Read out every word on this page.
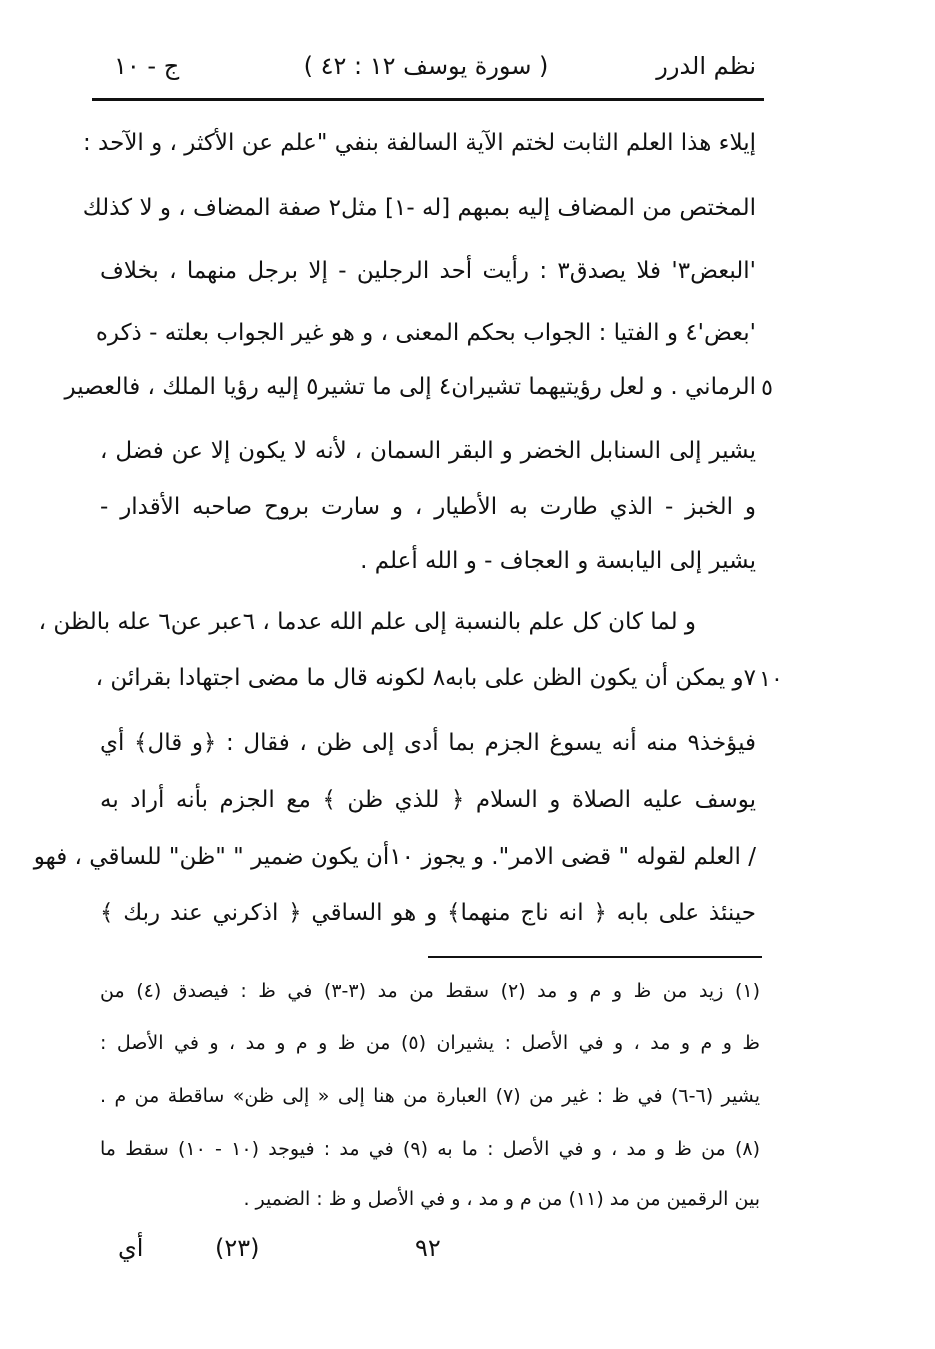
نظم الدرر
( سورة يوسف ١٢ : ٤٢ )
ج - ١٠
إيلاء هذا العلم الثابت لختم الآية السالفة بنفي "علم عن الأكثر ، و الآحد :
المختص من المضاف إليه بمبهم [له -١] مثل٢ صفة المضاف ، و لا كذلك
'البعض٣' فلا يصدق٣ : رأيت أحد الرجلين - إلا برجل منهما ، بخلاف
'بعض'٤ و الفتيا : الجواب بحكم المعنى ، و هو غير الجواب بعلته - ذكره
الرماني . و لعل رؤيتيهما تشيران٤ إلى ما تشير٥ إليه رؤيا الملك ، فالعصير
يشير إلى السنابل الخضر و البقر السمان ، لأنه لا يكون إلا عن فضل ،
و الخبز - الذي طارت به الأطيار ، و سارت بروح صاحبه الأقدار -
يشير إلى اليابسة و العجاف - و الله أعلم .
و لما كان كل علم بالنسبة إلى علم الله عدما ، ٦عبر عن٦ عله بالظن ،
٧و يمكن أن يكون الظن على بابه٨ لكونه قال ما مضى اجتهادا بقرائن ،
فيؤخذ٩ منه أنه يسوغ الجزم بما أدى إلى ظن ، فقال : ﴿و قال﴾ أي
يوسف عليه الصلاة و السلام ﴿ للذي ظن ﴾ مع الجزم بأنه أراد به
/ العلم لقوله " قضى الامر". و يجوز ١٠أن يكون ضمير " "ظن" للساقي ، فهو
حينئذ على بابه ﴿ انه ناج منهما﴾ و هو الساقي ﴿ اذكرني عند ربك ﴾
٥
١٠
(١) زيد من ظ و م و مد (٢) سقط من مد (٣-٣) في ظ : فيصدق (٤) من
ظ و م و مد ، و في الأصل : يشيران (٥) من ظ و م و مد ، و في الأصل :
يشير (٦-٦) في ظ : غير من (٧) العبارة من هنا إلى « إلى ظن» ساقطة من م .
(٨) من ظ و مد ، و في الأصل : ما به (٩) في مد : فيوجد (١٠ - ١٠) سقط ما
بين الرقمين من مد (١١) من م و مد ، و في الأصل و ظ : الضمير .
(٢٣)	٩٢
أي
